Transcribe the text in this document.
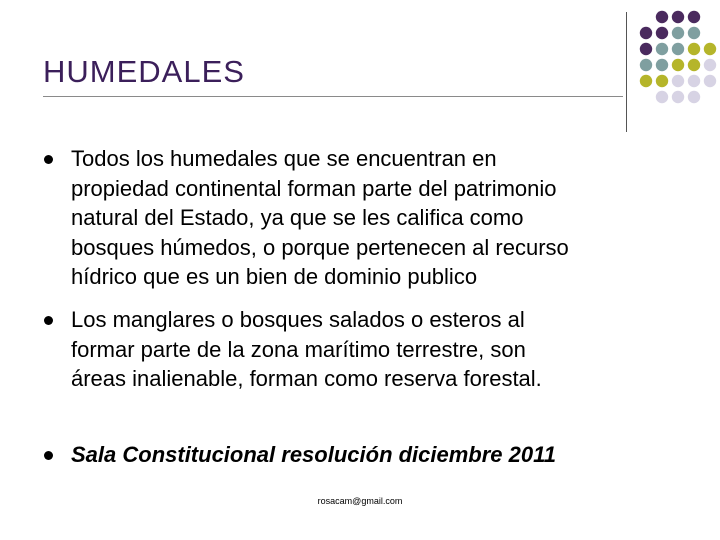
HUMEDALES
Todos los humedales que se encuentran en
propiedad continental forman parte del patrimonio
natural del Estado, ya que se les califica como
bosques húmedos, o porque pertenecen al recurso
hídrico que es un bien de dominio publico
Los manglares o bosques salados o esteros al
formar parte de la zona marítimo terrestre, son
áreas inalienable, forman como reserva forestal.
Sala Constitucional resolución diciembre 2011
rosacam@gmail.com
